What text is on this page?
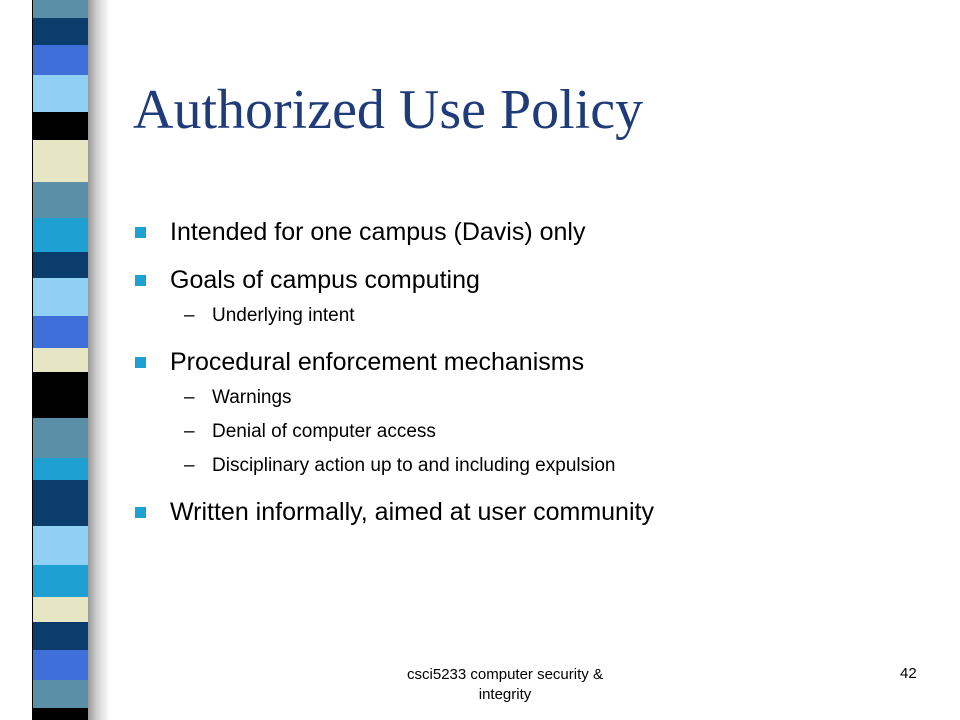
Authorized Use Policy
Intended for one campus (Davis) only
Goals of campus computing
– Underlying intent
Procedural enforcement mechanisms
– Warnings
– Denial of computer access
– Disciplinary action up to and including expulsion
Written informally, aimed at user community
csci5233 computer security & integrity
42
